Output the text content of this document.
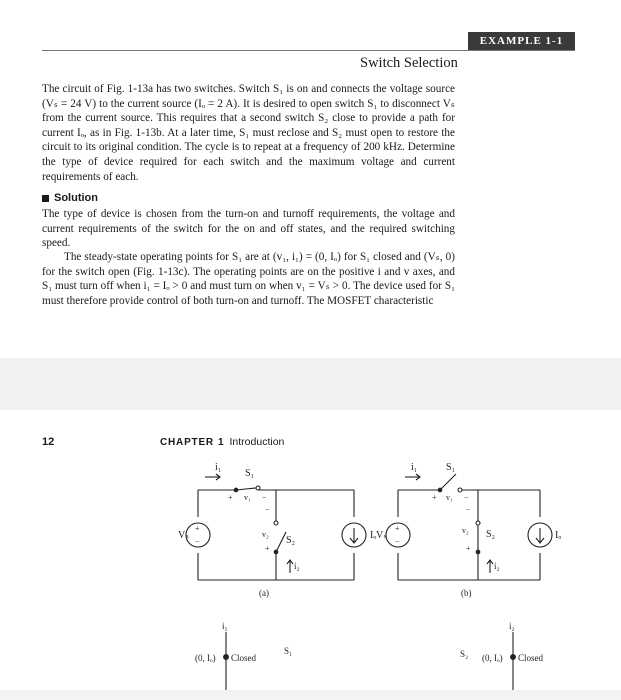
EXAMPLE 1-1
Switch Selection

The circuit of Fig. 1-13a has two switches. Switch S₁ is on and connects the voltage source (Vₛ = 24 V) to the current source (Iₒ = 2 A). It is desired to open switch S₁ to disconnect Vₛ from the current source. This requires that a second switch S₂ close to provide a path for current Iₒ, as in Fig. 1-13b. At a later time, S₁ must reclose and S₂ must open to restore the circuit to its original condition. The cycle is to repeat at a frequency of 200 kHz. Determine the type of device required for each switch and the maximum voltage and current requirements of each.

Solution

The type of device is chosen from the turn-on and turnoff requirements, the voltage and current requirements of the switch for the on and off states, and the required switching speed.

The steady-state operating points for S₁ are at (v₁, i₁) = (0, Iₒ) for S₁ closed and (Vₛ, 0) for the switch open (Fig. 1-13c). The operating points are on the positive i and v axes, and S₁ must turn off when i₁ = Iₒ > 0 and must turn on when v₁ = Vₛ > 0. The device used for S₁ must therefore provide control of both turn-on and turnoff. The MOSFET characteristic

12	CHAPTER 1 Introduction
i₁
S₁
+ v₁ −
−
v₂
+
S₂
i₂
Vₛ
+
−
Iₒ
(a)
i₁	S₁
+ v₁ −
−
v₂
+
S₂
i₂
Vₛ
+
−
Iₒ
(b)
i₁
(0, Iₒ) Closed
S₁
i₂
S₂ (0, Iₒ) Closed
